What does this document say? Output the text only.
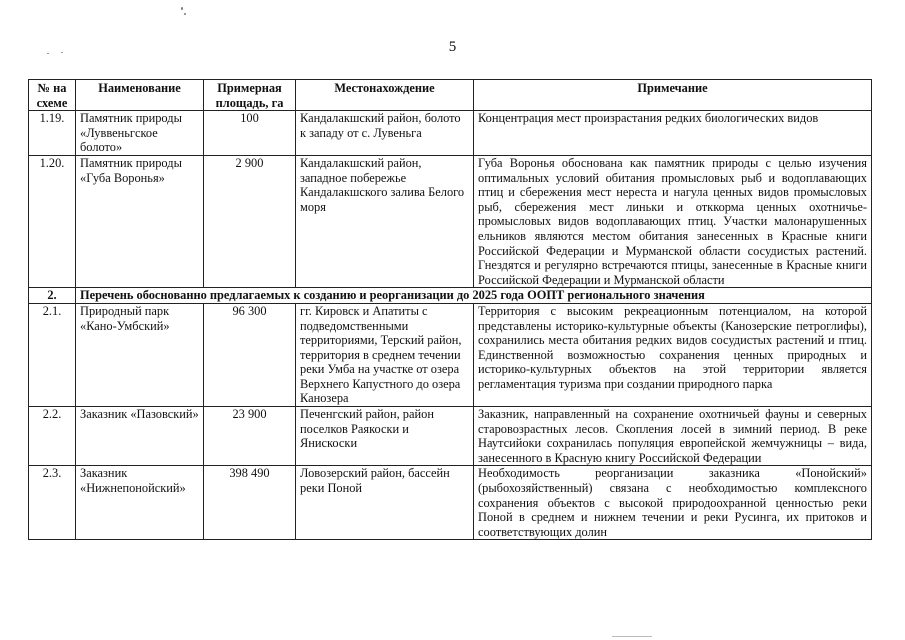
5
№ на схеме	Наименование	Примерная площадь, га	Местонахождение	Примечание
1.19.	Памятник природы «Луввеньгское болото»	100	Кандалакшский район, болото к западу от с. Лувеньга	Концентрация мест произрастания редких биологических видов
1.20.	Памятник природы «Губа Воронья»	2 900	Кандалакшский район, западное побережье Кандалакшского залива Белого моря	Губа Воронья обоснована как памятник природы с целью изучения оптимальных условий обитания промысловых рыб и водоплавающих птиц и сбережения мест нереста и нагула ценных видов промысловых рыб, сбережения мест линьки и отккорма ценных охотничье-промысловых видов водоплавающих птиц. Участки малонарушенных ельников являются местом обитания занесенных в Красные книги Российской Федерации и Мурманской области сосудистых растений. Гнездятся и регулярно встречаются птицы, занесенные в Красные книги Российской Федерации и Мурманской области
2.	Перечень обоснованно предлагаемых к созданию и реорганизации до 2025 года ООПТ регионального значения			
2.1.	Природный парк «Кано-Умбский»	96 300	гг. Кировск и Апатиты с подведомственными территориями, Терский район, территория в среднем течении реки Умба на участке от озера Верхнего Капустного до озера Канозера	Территория с высоким рекреационным потенциалом, на которой представлены историко-культурные объекты (Канозерские петроглифы), сохранились места обитания редких видов сосудистых растений и птиц. Единственной возможностью сохранения ценных природных и историко-культурных объектов на этой территории является регламентация туризма при создании природного парка
2.2.	Заказник «Пазовский»	23 900	Печенгский район, район поселков Раякоски и Янискоски	Заказник, направленный на сохранение охотничьей фауны и северных старовозрастных лесов. Скопления лосей в зимний период. В реке Наутсийоки сохранилась популяция европейской жемчужницы – вида, занесенного в Красную книгу Российской Федерации
2.3.	Заказник «Нижнепонойский»	398 490	Ловозерский район, бассейн реки Поной	Необходимость реорганизации заказника «Понойский» (рыбохозяйственный) связана с необходимостью комплексного сохранения объектов с высокой природоохранной ценностью реки Поной в среднем и нижнем течении и реки Русинга, их притоков и соответствующих долин
